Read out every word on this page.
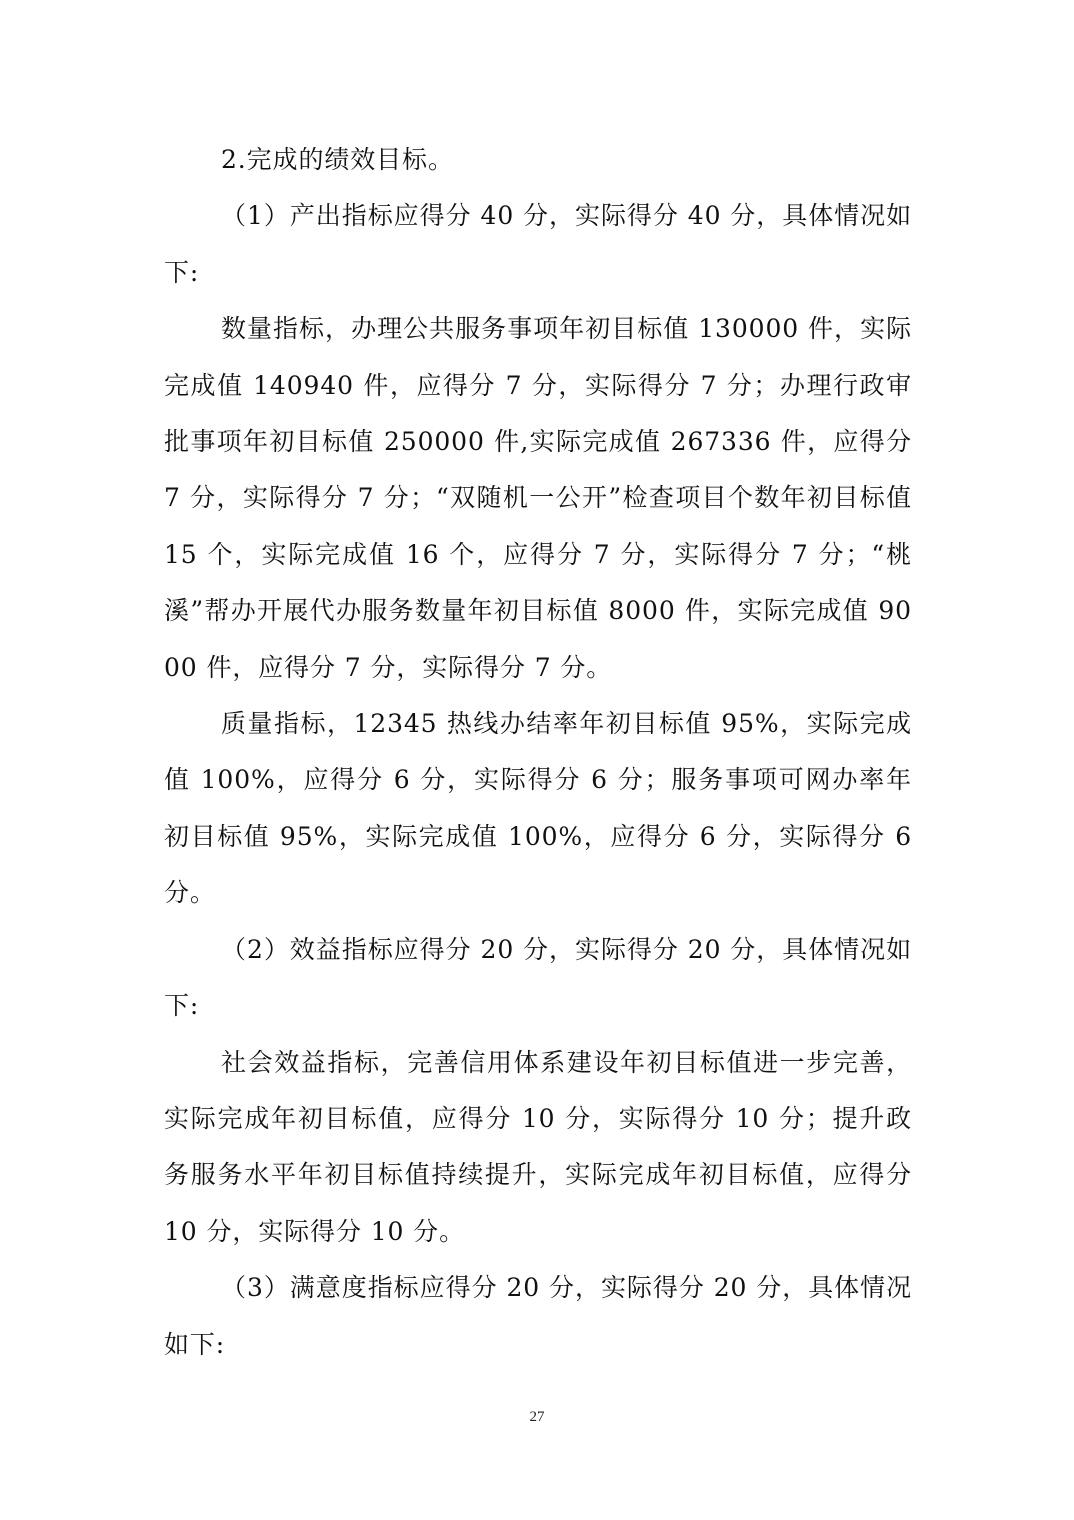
2.完成的绩效目标。

（1）产出指标应得分 40 分，实际得分 40 分，具体情况如下:

数量指标，办理公共服务事项年初目标值 130000 件，实际完成值 140940 件，应得分 7 分，实际得分 7 分；办理行政审批事项年初目标值 250000 件,实际完成值 267336 件，应得分 7 分，实际得分 7 分；“双随机一公开”检查项目个数年初目标值 15 个，实际完成值 16 个，应得分 7 分，实际得分 7 分；“桃溪”帮办开展代办服务数量年初目标值 8000 件，实际完成值 9000 件，应得分 7 分，实际得分 7 分。

质量指标，12345 热线办结率年初目标值 95%，实际完成值 100%，应得分 6 分，实际得分 6 分；服务事项可网办率年初目标值 95%，实际完成值 100%，应得分 6 分，实际得分 6 分。

（2）效益指标应得分 20 分，实际得分 20 分，具体情况如下:

社会效益指标，完善信用体系建设年初目标值进一步完善，实际完成年初目标值，应得分 10 分，实际得分 10 分；提升政务服务水平年初目标值持续提升，实际完成年初目标值，应得分 10 分，实际得分 10 分。

（3）满意度指标应得分 20 分，实际得分 20 分，具体情况如下:

27
